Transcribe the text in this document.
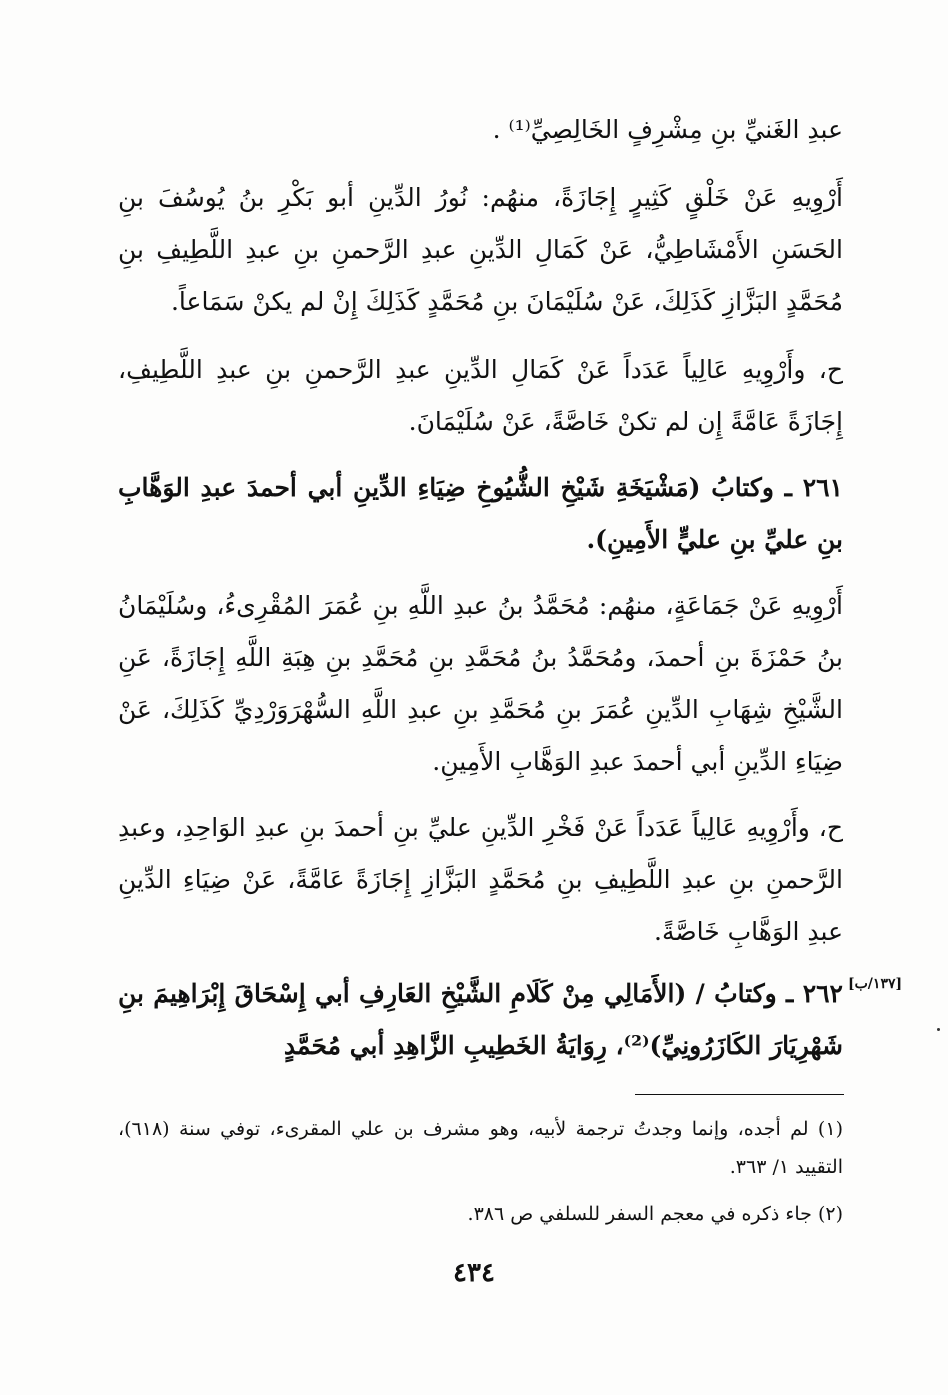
عبدِ الغَنيِّ بنِ مِشْرِفٍ الخَالِصِيِّ⁽¹⁾ .
أَرْوِيهِ عَنْ خَلْقٍ كَثِيرٍ إِجَازَةً، منهُم: نُورُ الدِّينِ أبو بَكْرِ بنُ يُوسُفَ بنِ الحَسَنِ الأَمْشَاطِيُّ، عَنْ كَمَالِ الدِّينِ عبدِ الرَّحمنِ بنِ عبدِ اللَّطِيفِ بنِ مُحَمَّدٍ البَزَّازِ كَذَلِكَ، عَنْ سُلَيْمَانَ بنِ مُحَمَّدٍ كَذَلِكَ إِنْ لم يكنْ سَمَاعاً.
ح، وأَرْوِيهِ عَالِياً عَدَداً عَنْ كَمَالِ الدِّينِ عبدِ الرَّحمنِ بنِ عبدِ اللَّطِيفِ، إِجَازَةً عَامَّةً إِن لم تكنْ خَاصَّةً، عَنْ سُلَيْمَانَ.
٢٦١ ـ وكتابُ (مَشْيَخَةِ شَيْخِ الشُّيُوخِ ضِيَاءِ الدِّينِ أبي أحمدَ عبدِ الوَهَّابِ بنِ عليِّ بنِ عليٍّ الأَمِينِ).
أَرْوِيهِ عَنْ جَمَاعَةٍ، منهُم: مُحَمَّدُ بنُ عبدِ اللَّهِ بنِ عُمَرَ المُقْرِىءُ، وسُلَيْمَانُ بنُ حَمْزَةَ بنِ أحمدَ، ومُحَمَّدُ بنُ مُحَمَّدِ بنِ مُحَمَّدِ بنِ هِبَةِ اللَّهِ إِجَازَةً، عَنِ الشَّيْخِ شِهَابِ الدِّينِ عُمَرَ بنِ مُحَمَّدِ بنِ عبدِ اللَّهِ السُّهْرَوَرْدِيِّ كَذَلِكَ، عَنْ ضِيَاءِ الدِّينِ أبي أحمدَ عبدِ الوَهَّابِ الأَمِينِ.
ح، وأَرْوِيهِ عَالِياً عَدَداً عَنْ فَخْرِ الدِّينِ عليِّ بنِ أحمدَ بنِ عبدِ الوَاحِدِ، وعبدِ الرَّحمنِ بنِ عبدِ اللَّطِيفِ بنِ مُحَمَّدٍ البَزَّازِ إِجَازَةً عَامَّةً، عَنْ ضِيَاءِ الدِّينِ عبدِ الوَهَّابِ خَاصَّةً.
٢٦٢ ـ وكتابُ / (الأَمَالِي مِنْ كَلَامِ الشَّيْخِ العَارِفِ أبي إِسْحَاقَ إِبْرَاهِيمَ بنِ شَهْرِيَارَ الكَازَرُونِيِّ)⁽²⁾، رِوَايَةُ الخَطِيبِ الزَّاهِدِ أبي مُحَمَّدٍ
[١٣٧/ب]
(١) لم أجده، وإنما وجدتُ ترجمة لأبيه، وهو مشرف بن علي المقرىء، توفي سنة (٦١٨)، التقييد ١/ ٣٦٣.
(٢) جاء ذكره في معجم السفر للسلفي ص ٣٨٦.
٤٣٤
